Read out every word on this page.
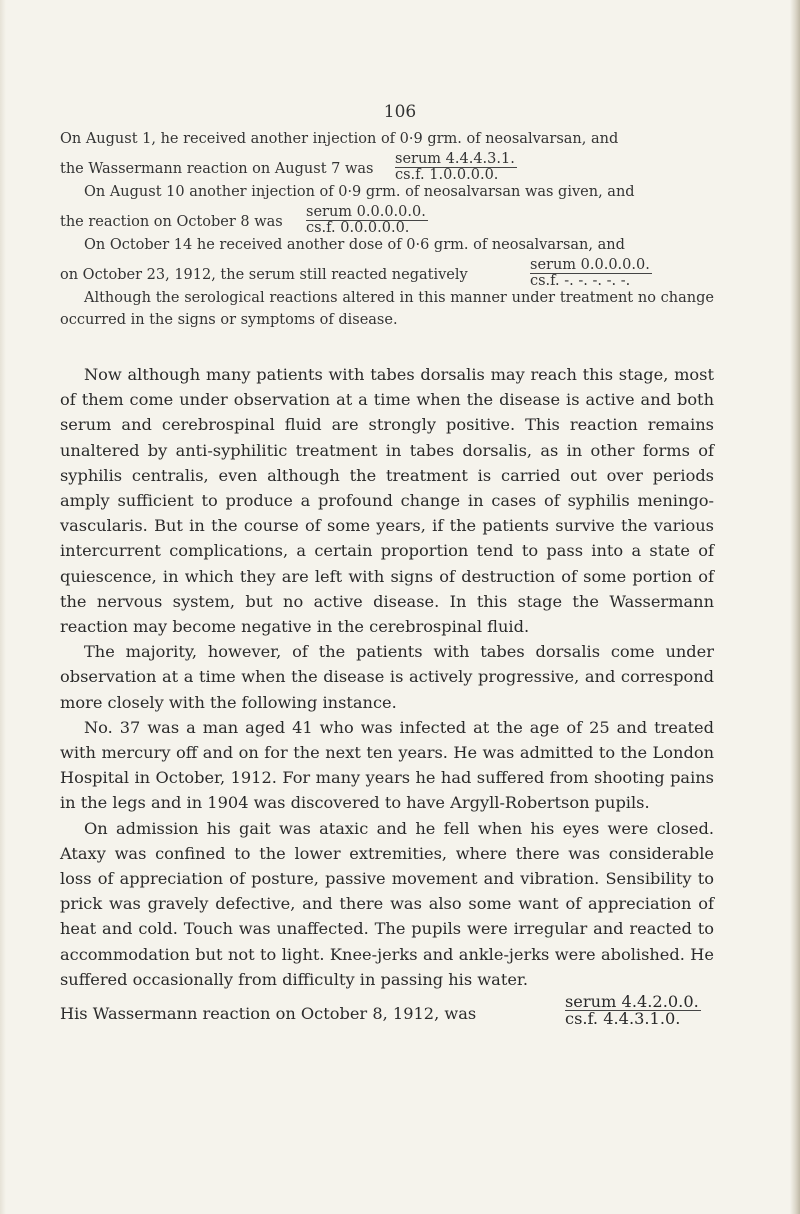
106

On August 1, he received another injection of 0·9 grm. of neosalvarsan, and

the Wassermann reaction on August 7 was
serum 4.4.4.3.1.
cs.f. 1.0.0.0.0.

On August 10 another injection of 0·9 grm. of neosalvarsan was given, and

the reaction on October 8 was
serum 0.0.0.0.0.
cs.f. 0.0.0.0.0.

On October 14 he received another dose of 0·6 grm. of neosalvarsan, and

on October 23, 1912, the serum still reacted negatively
serum 0.0.0.0.0.
cs.f. -. -. -. -. -.

Although the serological reactions altered in this manner under treatment no change occurred in the signs or symptoms of disease.

Now although many patients with tabes dorsalis may reach this stage, most of them come under observation at a time when the disease is active and both serum and cerebrospinal fluid are strongly positive. This reaction remains unaltered by anti-syphilitic treatment in tabes dorsalis, as in other forms of syphilis centralis, even although the treatment is carried out over periods amply sufficient to produce a profound change in cases of syphilis meningo-vascularis. But in the course of some years, if the patients survive the various intercurrent complications, a certain proportion tend to pass into a state of quiescence, in which they are left with signs of destruction of some portion of the nervous system, but no active disease. In this stage the Wassermann reaction may become negative in the cerebrospinal fluid.

The majority, however, of the patients with tabes dorsalis come under observation at a time when the disease is actively progressive, and correspond more closely with the following instance.

No. 37 was a man aged 41 who was infected at the age of 25 and treated with mercury off and on for the next ten years. He was admitted to the London Hospital in October, 1912. For many years he had suffered from shooting pains in the legs and in 1904 was discovered to have Argyll-Robertson pupils.

On admission his gait was ataxic and he fell when his eyes were closed. Ataxy was confined to the lower extremities, where there was considerable loss of appreciation of posture, passive movement and vibration. Sensibility to prick was gravely defective, and there was also some want of appreciation of heat and cold. Touch was unaffected. The pupils were irregular and reacted to accommodation but not to light. Knee-jerks and ankle-jerks were abolished. He suffered occasionally from difficulty in passing his water.

His Wassermann reaction on October 8, 1912, was
serum 4.4.2.0.0.
cs.f. 4.4.3.1.0.
